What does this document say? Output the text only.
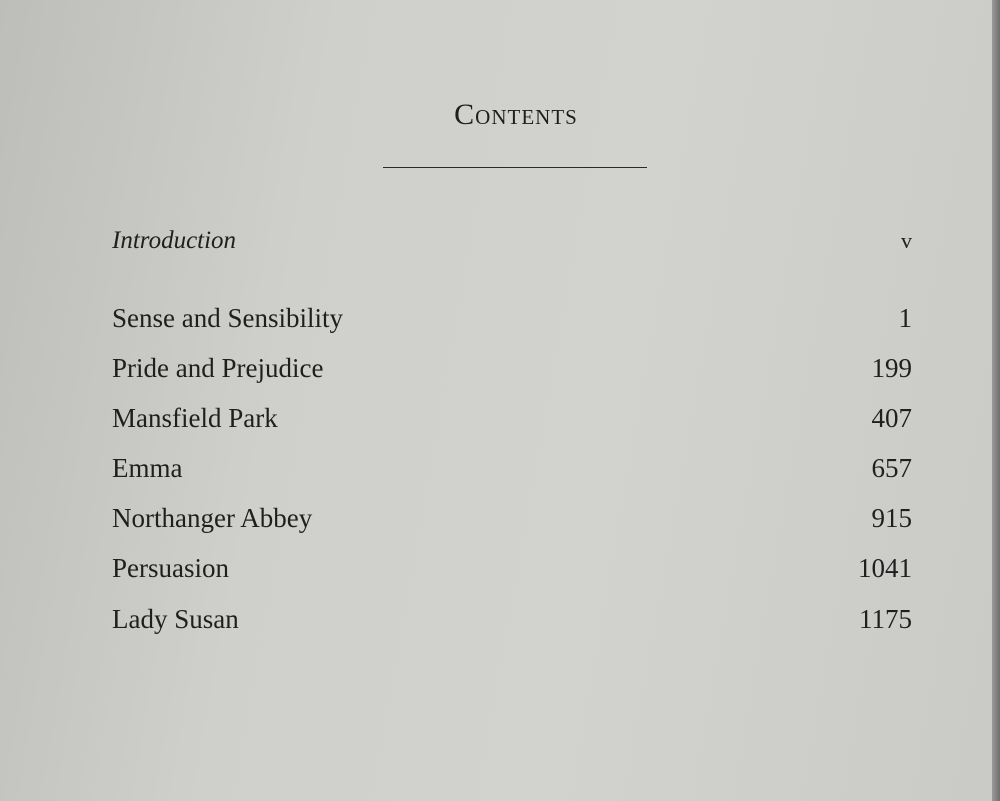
Contents
Introduction	v
Sense and Sensibility	1
Pride and Prejudice	199
Mansfield Park	407
Emma	657
Northanger Abbey	915
Persuasion	1041
Lady Susan	1175
